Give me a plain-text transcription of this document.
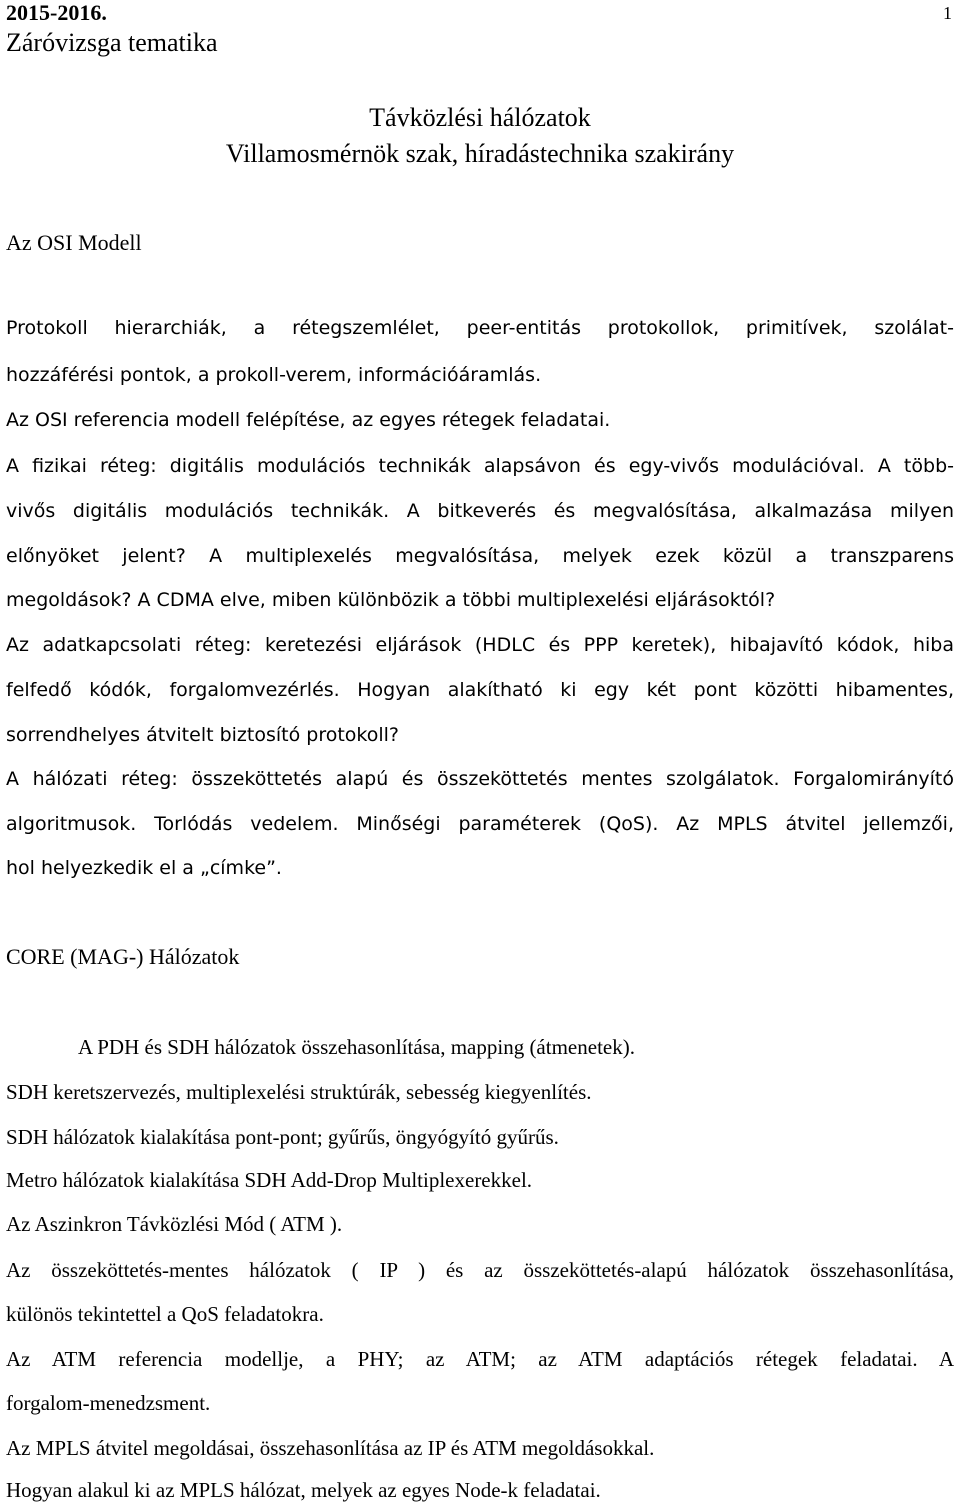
2015-2016.	1
Záróvizsga tematika
Távközlési hálózatok
Villamosmérnök szak, híradástechnika szakirány
Az OSI Modell
Protokoll hierarchiák, a rétegszemlélet, peer-entitás protokollok, primitívek, szolálat-
hozzáférési pontok, a prokoll-verem, információáramlás.
Az OSI referencia modell felépítése, az egyes rétegek feladatai.
A fizikai réteg: digitális modulációs technikák alapsávon és egy-vivős modulációval. A több-
vivős digitális modulációs technikák. A bitkeverés és megvalósítása, alkalmazása milyen
előnyöket jelent? A multiplexelés megvalósítása, melyek ezek közül a transzparens
megoldások? A CDMA elve, miben különbözik a többi multiplexelési eljárásoktól?
Az adatkapcsolati réteg: keretezési eljárások (HDLC és PPP keretek), hibajavító kódok, hiba
felfedő kódók, forgalomvezérlés. Hogyan alakítható ki egy két pont közötti hibamentes,
sorrendhelyes átvitelt biztosító protokoll?
A hálózati réteg: összeköttetés alapú és összeköttetés mentes szolgálatok. Forgalomirányító
algoritmusok. Torlódás vedelem. Minőségi paraméterek (QoS). Az MPLS átvitel jellemzői,
hol helyezkedik el a „címke”.
CORE (MAG-) Hálózatok
A PDH és SDH hálózatok összehasonlítása, mapping (átmenetek).
SDH keretszervezés, multiplexelési struktúrák, sebesség kiegyenlítés.
SDH hálózatok kialakítása pont-pont; gyűrűs, öngyógyító gyűrűs.
Metro hálózatok kialakítása SDH Add-Drop Multiplexerekkel.
Az Aszinkron Távközlési Mód ( ATM ).
Az összeköttetés-mentes hálózatok ( IP ) és az összeköttetés-alapú hálózatok összehasonlítása,
különös tekintettel a QoS feladatokra.
Az ATM referencia modellje, a PHY; az ATM; az ATM adaptációs rétegek feladatai. A
forgalom-menedzsment.
Az MPLS átvitel megoldásai, összehasonlítása az IP és ATM megoldásokkal.
Hogyan alakul ki az MPLS hálózat, melyek az egyes Node-k feladatai.
